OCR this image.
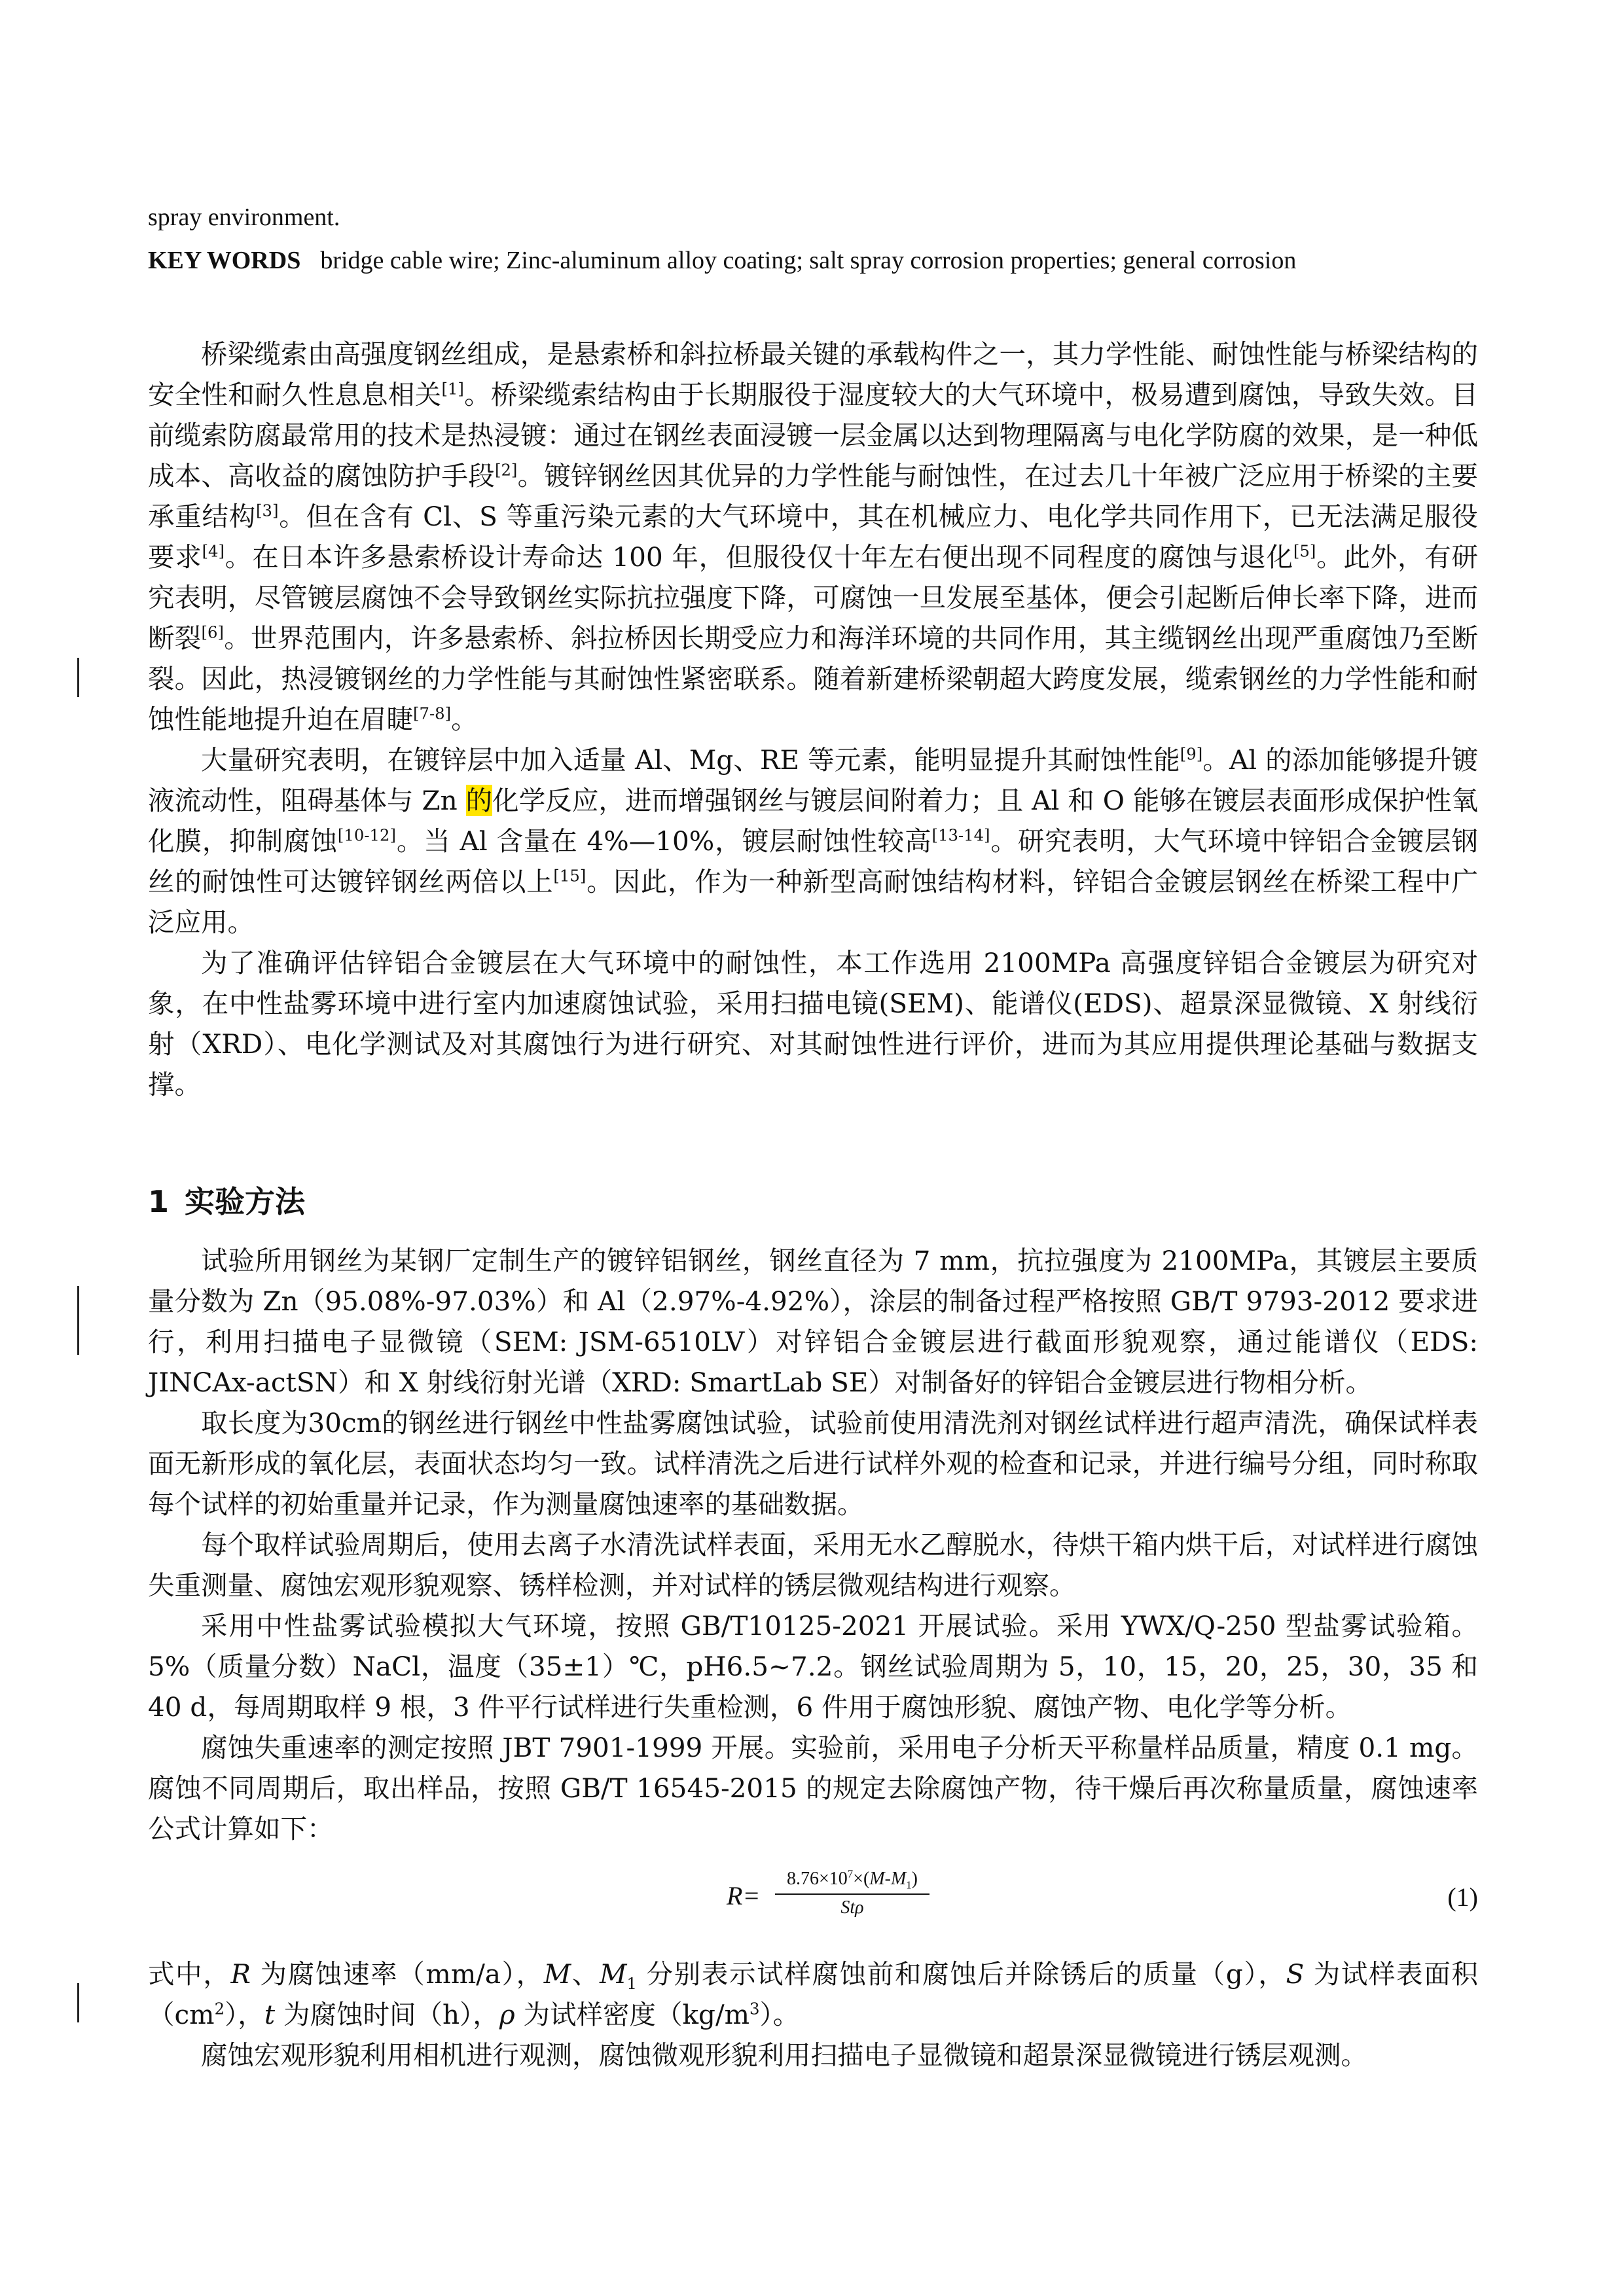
spray environment.
KEY WORDS bridge cable wire; Zinc-aluminum alloy coating; salt spray corrosion properties; general corrosion

桥梁缆索由高强度钢丝组成，是悬索桥和斜拉桥最关键的承载构件之一，其力学性能、耐蚀性能与桥梁结构的安全性和耐久性息息相关[1]。桥梁缆索结构由于长期服役于湿度较大的大气环境中，极易遭到腐蚀，导致失效。目前缆索防腐最常用的技术是热浸镀：通过在钢丝表面浸镀一层金属以达到物理隔离与电化学防腐的效果，是一种低成本、高收益的腐蚀防护手段[2]。镀锌钢丝因其优异的力学性能与耐蚀性，在过去几十年被广泛应用于桥梁的主要承重结构[3]。但在含有 Cl、S 等重污染元素的大气环境中，其在机械应力、电化学共同作用下，已无法满足服役要求[4]。在日本许多悬索桥设计寿命达 100 年，但服役仅十年左右便出现不同程度的腐蚀与退化[5]。此外，有研究表明，尽管镀层腐蚀不会导致钢丝实际抗拉强度下降，可腐蚀一旦发展至基体，便会引起断后伸长率下降，进而断裂[6]。世界范围内，许多悬索桥、斜拉桥因长期受应力和海洋环境的共同作用，其主缆钢丝出现严重腐蚀乃至断裂。因此，热浸镀钢丝的力学性能与其耐蚀性紧密联系。随着新建桥梁朝超大跨度发展，缆索钢丝的力学性能和耐蚀性能地提升迫在眉睫[7-8]。

大量研究表明，在镀锌层中加入适量 Al、Mg、RE 等元素，能明显提升其耐蚀性能[9]。Al 的添加能够提升镀液流动性，阻碍基体与 Zn 的化学反应，进而增强钢丝与镀层间附着力；且 Al 和 O 能够在镀层表面形成保护性氧化膜，抑制腐蚀[10-12]。当 Al 含量在 4%—10%，镀层耐蚀性较高[13-14]。研究表明，大气环境中锌铝合金镀层钢丝的耐蚀性可达镀锌钢丝两倍以上[15]。因此，作为一种新型高耐蚀结构材料，锌铝合金镀层钢丝在桥梁工程中广泛应用。

为了准确评估锌铝合金镀层在大气环境中的耐蚀性，本工作选用 2100MPa 高强度锌铝合金镀层为研究对象，在中性盐雾环境中进行室内加速腐蚀试验，采用扫描电镜(SEM)、能谱仪(EDS)、超景深显微镜、X 射线衍射（XRD）、电化学测试及对其腐蚀行为进行研究、对其耐蚀性进行评价，进而为其应用提供理论基础与数据支撑。

1 实验方法

试验所用钢丝为某钢厂定制生产的镀锌铝钢丝，钢丝直径为 7 mm，抗拉强度为 2100MPa，其镀层主要质量分数为 Zn（95.08%-97.03%）和 Al（2.97%-4.92%），涂层的制备过程严格按照 GB/T 9793-2012 要求进行，利用扫描电子显微镜（SEM: JSM-6510LV）对锌铝合金镀层进行截面形貌观察，通过能谱仪（EDS: JINCAx-actSN）和 X 射线衍射光谱（XRD: SmartLab SE）对制备好的锌铝合金镀层进行物相分析。

取长度为30cm的钢丝进行钢丝中性盐雾腐蚀试验，试验前使用清洗剂对钢丝试样进行超声清洗，确保试样表面无新形成的氧化层，表面状态均匀一致。试样清洗之后进行试样外观的检查和记录，并进行编号分组，同时称取每个试样的初始重量并记录，作为测量腐蚀速率的基础数据。

每个取样试验周期后，使用去离子水清洗试样表面，采用无水乙醇脱水，待烘干箱内烘干后，对试样进行腐蚀失重测量、腐蚀宏观形貌观察、锈样检测，并对试样的锈层微观结构进行观察。

采用中性盐雾试验模拟大气环境，按照 GB/T10125-2021 开展试验。采用 YWX/Q-250 型盐雾试验箱。5%（质量分数）NaCl，温度（35±1）℃，pH6.5~7.2。钢丝试验周期为 5，10，15，20，25，30，35 和 40 d，每周期取样 9 根，3 件平行试样进行失重检测，6 件用于腐蚀形貌、腐蚀产物、电化学等分析。

腐蚀失重速率的测定按照 JBT 7901-1999 开展。实验前，采用电子分析天平称量样品质量，精度 0.1 mg。腐蚀不同周期后，取出样品，按照 GB/T 16545-2015 的规定去除腐蚀产物，待干燥后再次称量质量，腐蚀速率公式计算如下：

R=
$8.76\times 10^7\times(M-M_1)$
Stρ	(1)

式中，R 为腐蚀速率（mm/a），M、$M_1$ 分别表示试样腐蚀前和腐蚀后并除锈后的质量（g），S 为试样表面积$(cm^2)$，t 为腐蚀时间（h），ρ 为试样密度$(kg/m^3)$。

腐蚀宏观形貌利用相机进行观测，腐蚀微观形貌利用扫描电子显微镜和超景深显微镜进行锈层观测。
